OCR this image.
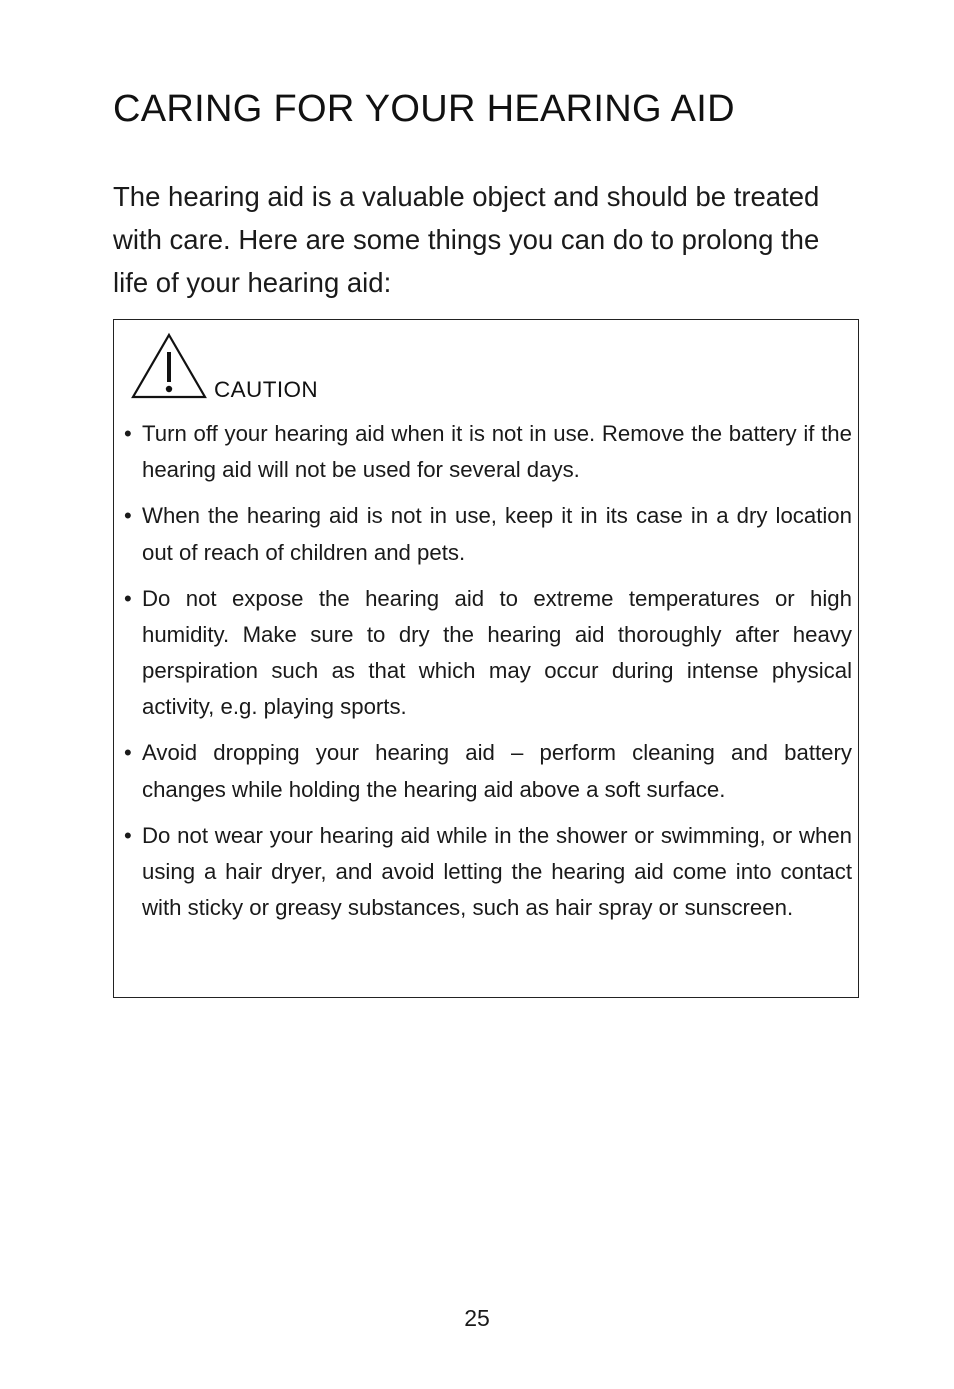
CARING FOR YOUR HEARING AID

The hearing aid is a valuable object and should be treated with care. Here are some things you can do to prolong the life of your hearing aid:

CAUTION
• Turn off your hearing aid when it is not in use. Remove the battery if the hearing aid will not be used for several days.
• When the hearing aid is not in use, keep it in its case in a dry location out of reach of children and pets.
• Do not expose the hearing aid to extreme temperatures or high humidity. Make sure to dry the hearing aid thoroughly after heavy perspiration such as that which may occur during intense physical activity, e.g. playing sports.
• Avoid dropping your hearing aid – perform cleaning and battery changes while holding the hearing aid above a soft surface.
• Do not wear your hearing aid while in the shower or swimming, or when using a hair dryer, and avoid letting the hearing aid come into contact with sticky or greasy substances, such as hair spray or sunscreen.
25
